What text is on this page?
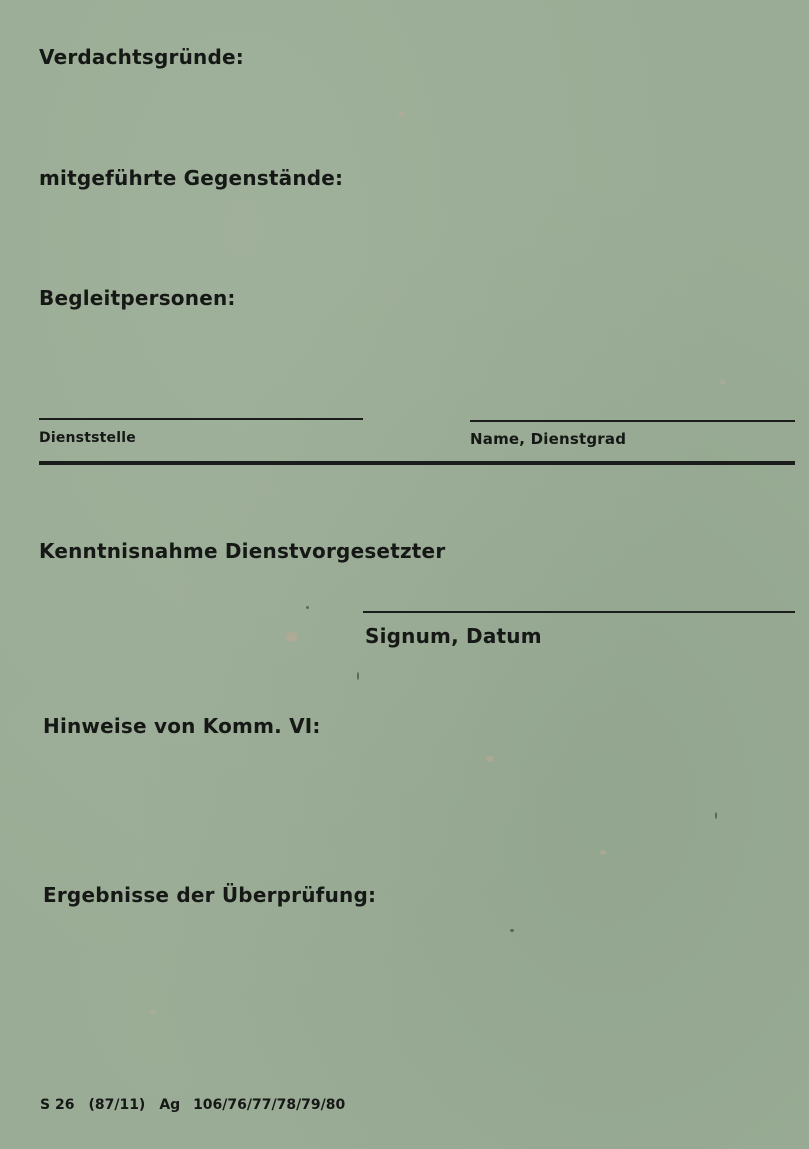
Verdachtsgründe:
mitgeführte Gegenstände:
Begleitpersonen:
Dienststelle	Name, Dienstgrad
Kenntnisnahme Dienstvorgesetzter
Signum, Datum
Hinweise von Komm. VI:
Ergebnisse der Überprüfung:
S 26 (87/11) Ag 106/76/77/78/79/80
